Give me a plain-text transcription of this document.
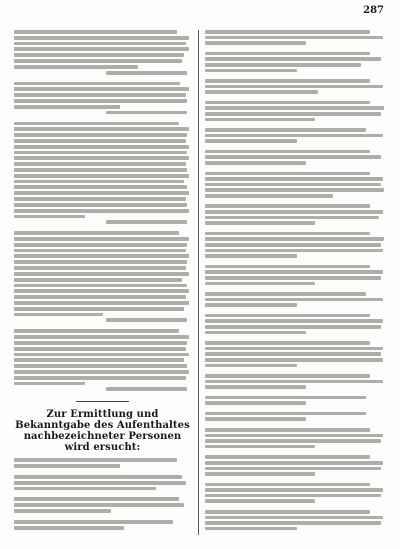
287
Zur Ermittlung und Bekanntgabe des Aufenthaltes nachbezeichneter Personen wird ersucht:
